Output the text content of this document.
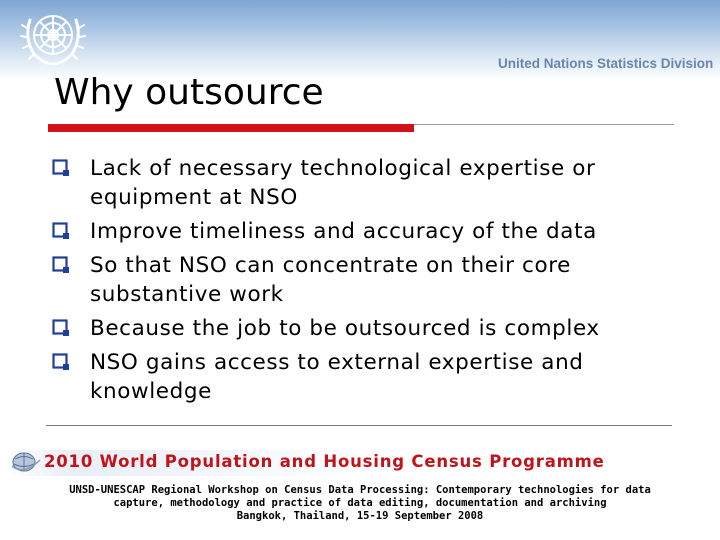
United Nations Statistics Division
Why outsource
Lack of necessary technological expertise or
equipment at NSO
Improve timeliness and accuracy of the data
So that NSO can concentrate on their core
substantive work
Because the job to be outsourced is complex
NSO gains access to external expertise and
knowledge
2010 World Population and Housing Census Programme
UNSD-UNESCAP Regional Workshop on Census Data Processing: Contemporary technologies for data
capture, methodology and practice of data editing, documentation and archiving
Bangkok, Thailand, 15-19 September 2008
